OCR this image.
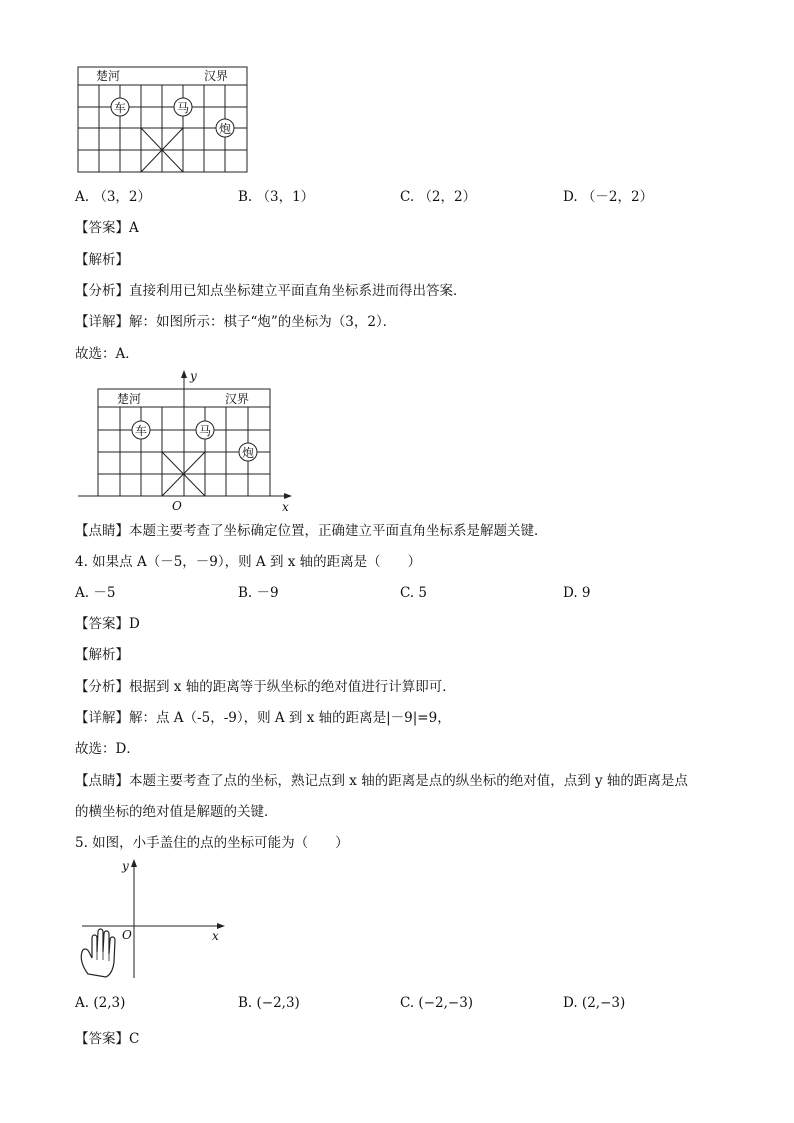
楚河	汉界
车	马
炮
A. （3，2）	B. （3，1）	C. （2，2）	D. （－2，2）
【答案】A
【解析】
【分析】直接利用已知点坐标建立平面直角坐标系进而得出答案．
【详解】解：如图所示：棋子“炮”的坐标为（3，2）．
故选：A．
y
x
O
楚河	汉界
车	马
炮
【点睛】本题主要考查了坐标确定位置，正确建立平面直角坐标系是解题关键．
4. 如果点 A（－5，－9），则 A 到 x 轴的距离是（　　）
A. －5	B. －9	C. 5	D. 9
【答案】D
【解析】
【分析】根据到 x 轴的距离等于纵坐标的绝对值进行计算即可．
【详解】解：点 A（-5，-9），则 A 到 x 轴的距离是|－9|=9，
故选：D．
【点睛】本题主要考查了点的坐标，熟记点到 x 轴的距离是点的纵坐标的绝对值，点到 y 轴的距离是点
的横坐标的绝对值是解题的关键．
5. 如图，小手盖住的点的坐标可能为（　　）
y
x
O
A. (2,3)	B. (−2,3)	C. (−2,−3)	D. (2,−3)
【答案】C
